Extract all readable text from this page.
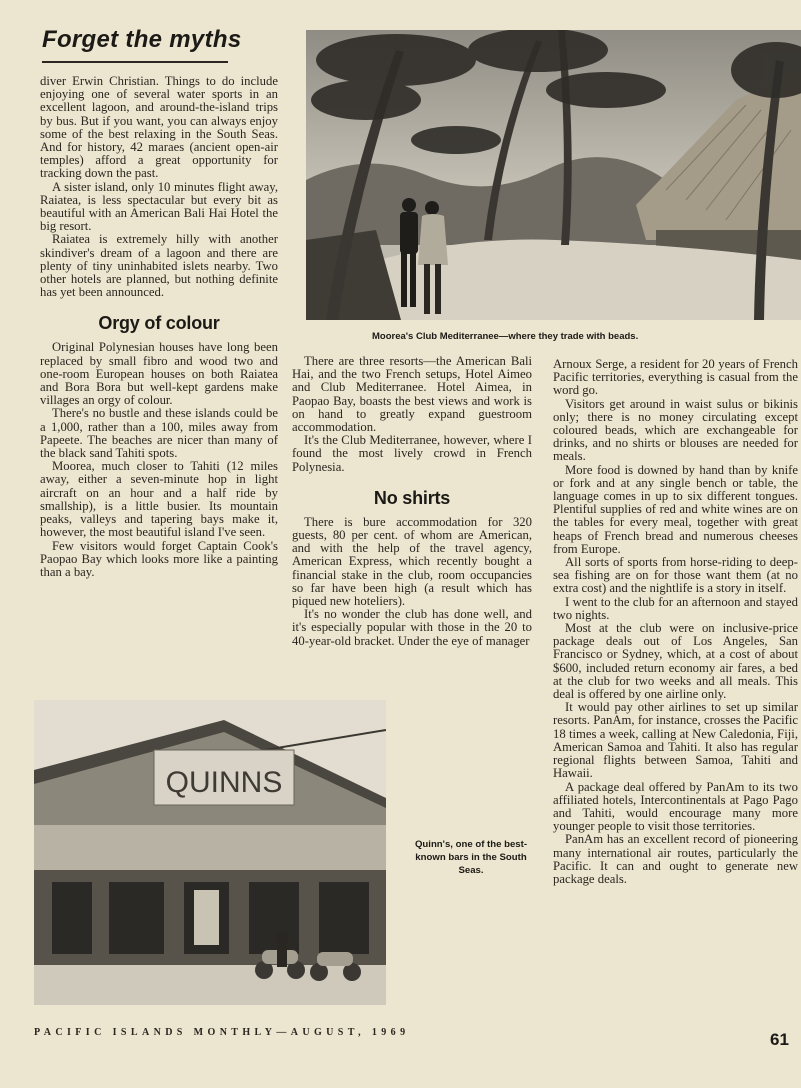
Forget the myths
Moorea's Club Mediterranee—where they trade with beads.

diver Erwin Christian. Things to do include enjoying one of several water sports in an excellent lagoon, and around-the-island trips by bus. But if you want, you can always enjoy some of the best relaxing in the South Seas. And for history, 42 maraes (ancient open-air temples) afford a great opportunity for tracking down the past.

A sister island, only 10 minutes flight away, Raiatea, is less spectacular but every bit as beautiful with an American Bali Hai Hotel the big resort.

Raiatea is extremely hilly with another skindiver's dream of a lagoon and there are plenty of tiny uninhabited islets nearby. Two other hotels are planned, but nothing definite has yet been announced.

Orgy of colour

Original Polynesian houses have long been replaced by small fibro and wood two and one-room European houses on both Raiatea and Bora Bora but well-kept gardens make villages an orgy of colour.

There's no bustle and these islands could be a 1,000, rather than a 100, miles away from Papeete. The beaches are nicer than many of the black sand Tahiti spots.

Moorea, much closer to Tahiti (12 miles away, either a seven-minute hop in light aircraft on an hour and a half ride by smallship), is a little busier. Its mountain peaks, valleys and tapering bays make it, however, the most beautiful island I've seen.

Few visitors would forget Captain Cook's Paopao Bay which looks more like a painting than a bay.

There are three resorts—the American Bali Hai, and the two French setups, Hotel Aimeo and Club Mediterranee. Hotel Aimea, in Paopao Bay, boasts the best views and work is on hand to greatly expand guestroom accommodation.

It's the Club Mediterranee, however, where I found the most lively crowd in French Polynesia.

No shirts

There is bure accommodation for 320 guests, 80 per cent. of whom are American, and with the help of the travel agency, American Express, which recently bought a financial stake in the club, room occupancies so far have been high (a result which has piqued new hoteliers).

It's no wonder the club has done well, and it's especially popular with those in the 20 to 40-year-old bracket. Under the eye of manager

Arnoux Serge, a resident for 20 years of French Pacific territories, everything is casual from the word go.

Visitors get around in waist sulus or bikinis only; there is no money circulating except coloured beads, which are exchangeable for drinks, and no shirts or blouses are needed for meals.

More food is downed by hand than by knife or fork and at any single bench or table, the language comes in up to six different tongues. Plentiful supplies of red and white wines are on the tables for every meal, together with great heaps of French bread and numerous cheeses from Europe.

All sorts of sports from horse-riding to deep-sea fishing are on for those want them (at no extra cost) and the nightlife is a story in itself.

I went to the club for an afternoon and stayed two nights.

Most at the club were on inclusive-price package deals out of Los Angeles, San Francisco or Sydney, which, at a cost of about $600, included return economy air fares, a bed at the club for two weeks and all meals. This deal is offered by one airline only.

It would pay other airlines to set up similar resorts. PanAm, for instance, crosses the Pacific 18 times a week, calling at New Caledonia, Fiji, American Samoa and Tahiti. It also has regular regional flights between Samoa, Tahiti and Hawaii.

A package deal offered by PanAm to its two affiliated hotels, Intercontinentals at Pago Pago and Tahiti, would encourage many more younger people to visit those territories.

PanAm has an excellent record of pioneering many international air routes, particularly the Pacific. It can and ought to generate new package deals.

QUINNS
Quinn's, one of the best-known bars in the South Seas.
PACIFIC ISLANDS MONTHLY—AUGUST, 1969	61
